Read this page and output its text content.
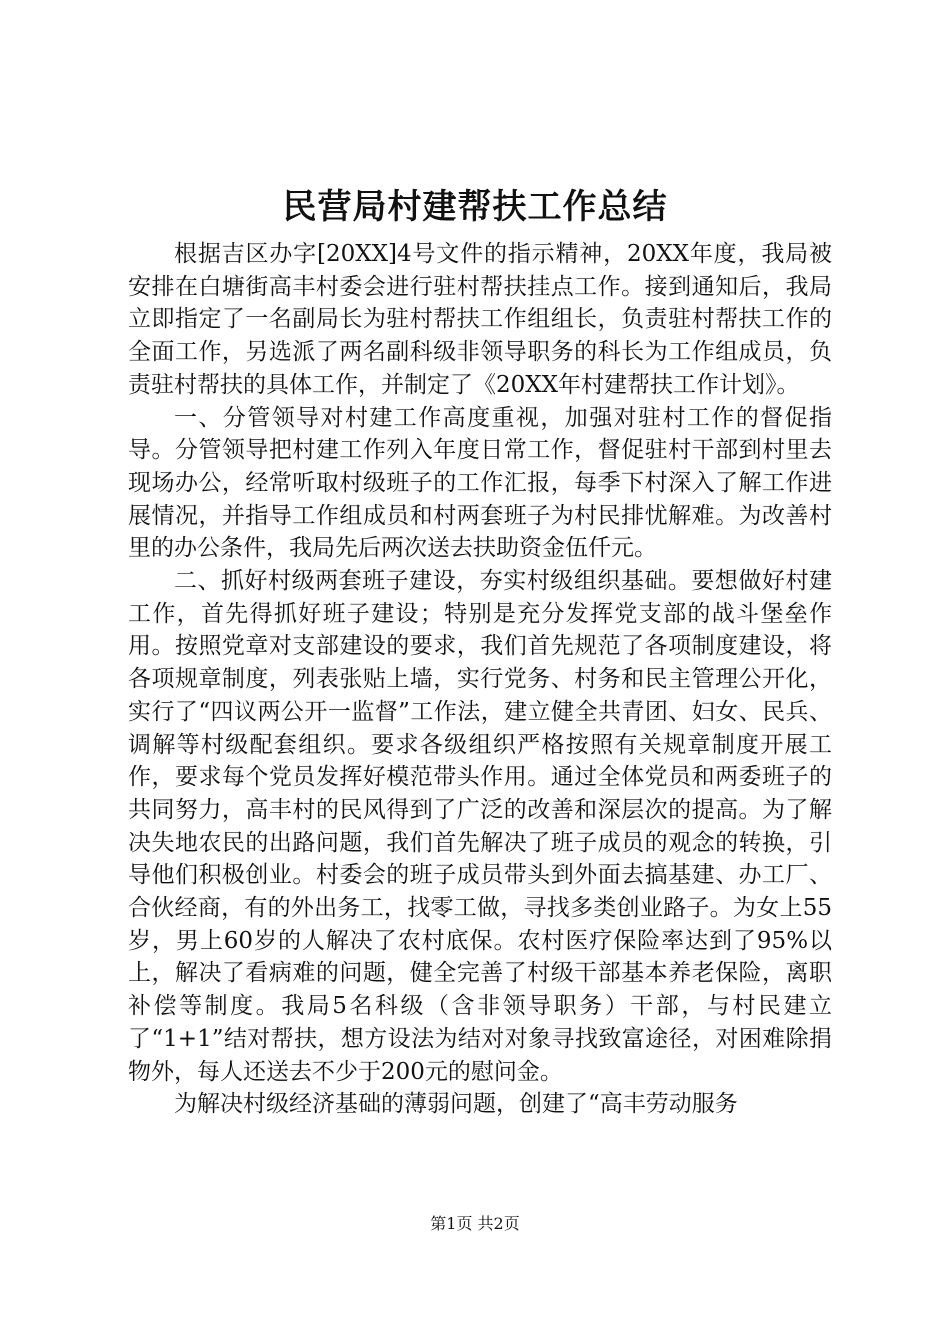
民营局村建帮扶工作总结

根据吉区办字[20XX]4号文件的指示精神，20XX年度，我局被安排在白塘街高丰村委会进行驻村帮扶挂点工作。接到通知后，我局立即指定了一名副局长为驻村帮扶工作组组长，负责驻村帮扶工作的全面工作，另选派了两名副科级非领导职务的科长为工作组成员，负责驻村帮扶的具体工作，并制定了《20XX年村建帮扶工作计划》。

一、分管领导对村建工作高度重视，加强对驻村工作的督促指导。分管领导把村建工作列入年度日常工作，督促驻村干部到村里去现场办公，经常听取村级班子的工作汇报，每季下村深入了解工作进展情况，并指导工作组成员和村两套班子为村民排忧解难。为改善村里的办公条件，我局先后两次送去扶助资金伍仟元。

二、抓好村级两套班子建设，夯实村级组织基础。要想做好村建工作，首先得抓好班子建设；特别是充分发挥党支部的战斗堡垒作用。按照党章对支部建设的要求，我们首先规范了各项制度建设，将各项规章制度，列表张贴上墙，实行党务、村务和民主管理公开化，实行了“四议两公开一监督”工作法，建立健全共青团、妇女、民兵、调解等村级配套组织。要求各级组织严格按照有关规章制度开展工作，要求每个党员发挥好模范带头作用。通过全体党员和两委班子的共同努力，高丰村的民风得到了广泛的改善和深层次的提高。为了解决失地农民的出路问题，我们首先解决了班子成员的观念的转换，引导他们积极创业。村委会的班子成员带头到外面去搞基建、办工厂、合伙经商，有的外出务工，找零工做，寻找多类创业路子。为女上55岁，男上60岁的人解决了农村底保。农村医疗保险率达到了95%以上，解决了看病难的问题，健全完善了村级干部基本养老保险，离职补偿等制度。我局5名科级（含非领导职务）干部，与村民建立了“1+1”结对帮扶，想方设法为结对对象寻找致富途径，对困难除捐物外，每人还送去不少于200元的慰问金。

为解决村级经济基础的薄弱问题，创建了“高丰劳动服务

第1页 共2页
